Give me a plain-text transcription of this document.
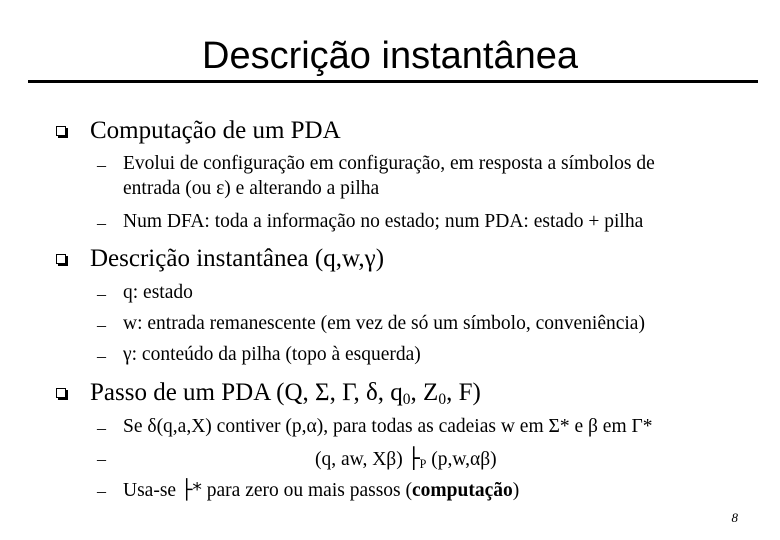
Descrição instantânea
Computação de um PDA
– Evolui de configuração em configuração, em resposta a símbolos de
entrada (ou ε) e alterando a pilha
– Num DFA: toda a informação no estado; num PDA: estado + pilha
Descrição instantânea (q,w,γ)
– q: estado
– w: entrada remanescente (em vez de só um símbolo, conveniência)
– γ: conteúdo da pilha (topo à esquerda)
Passo de um PDA (Q, Σ, Γ, δ, $q_0$, $Z_0$, F)
– Se δ(q,a,X) contiver (p,α), para todas as cadeias w em Σ* e β em Γ*
–	(q, aw, Xβ) $├_P$ (p,w,αβ)
– Usa-se ├* para zero ou mais passos (computação)
8
